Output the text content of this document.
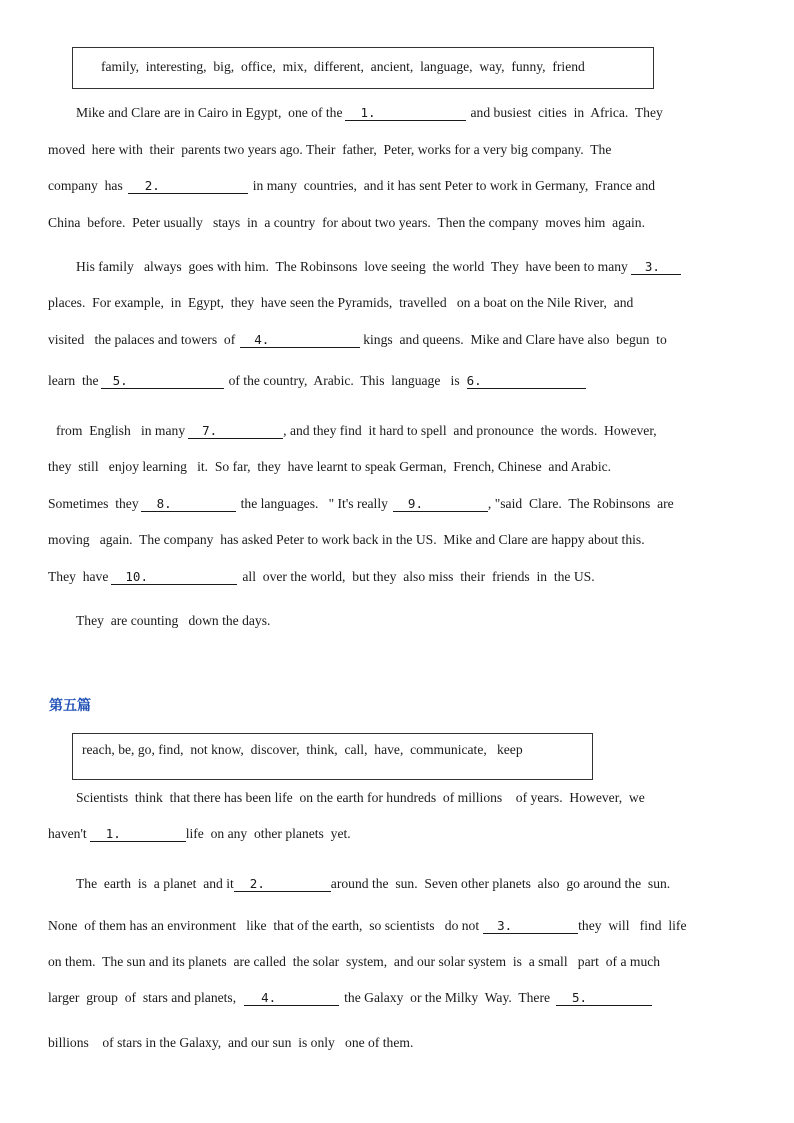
family,  interesting,  big,  office,  mix,  different,  ancient,  language,  way,  funny,  friend
Mike and Clare are in Cairo in Egypt,  one of the 1.	and busiest  cities  in  Africa.  They
moved  here with  their  parents two years ago. Their  father,  Peter, works for a very big company.  The
company  has 2.	in many  countries,  and it has sent Peter to work in Germany,  France and
China  before.  Peter usually   stays  in  a country  for about two years.  Then the company  moves him  again.
His family   always  goes with him.  The Robinsons  love seeing  the world  They  have been to many 3.
places.  For example,  in  Egypt,  they  have seen the Pyramids,  travelled   on a boat on the Nile River,  and
visited   the palaces and towers  of 4.	kings  and queens.  Mike and Clare have also  begun  to
learn  the 5.	of the country,  Arabic.  This  language   is 6.
from  English   in many 7.	, and they find  it hard to spell  and pronounce  the words.  However,
they  still   enjoy learning   it.  So far,  they  have learnt to speak German,  French, Chinese  and Arabic.
Sometimes  they 8.	the languages.   " It's really 9.	, "said  Clare.  The Robinsons  are
moving   again.  The company  has asked Peter to work back in the US.  Mike and Clare are happy about this.
They  have 10.	all  over the world,  but they  also miss  their  friends  in  the US.
They  are counting   down the days.
第五篇
reach, be, go, find,  not know,  discover,  think,  call,  have,  communicate,   keep
Scientists  think  that there has been life  on the earth for hundreds  of millions    of years.  However,  we
haven't 1.	life  on any  other planets  yet.
The  earth  is  a planet  and it 2.	around the  sun.  Seven other planets  also  go around the  sun.
None  of them has an environment   like  that of the earth,  so scientists   do not 3.	they  will   find  life
on them.  The sun and its planets  are called  the solar  system,  and our solar system  is  a small   part  of a much
larger  group  of  stars and planets, 4.	the Galaxy  or the Milky  Way.  There 5.
billions    of stars in the Galaxy,  and our sun  is only   one of them.
